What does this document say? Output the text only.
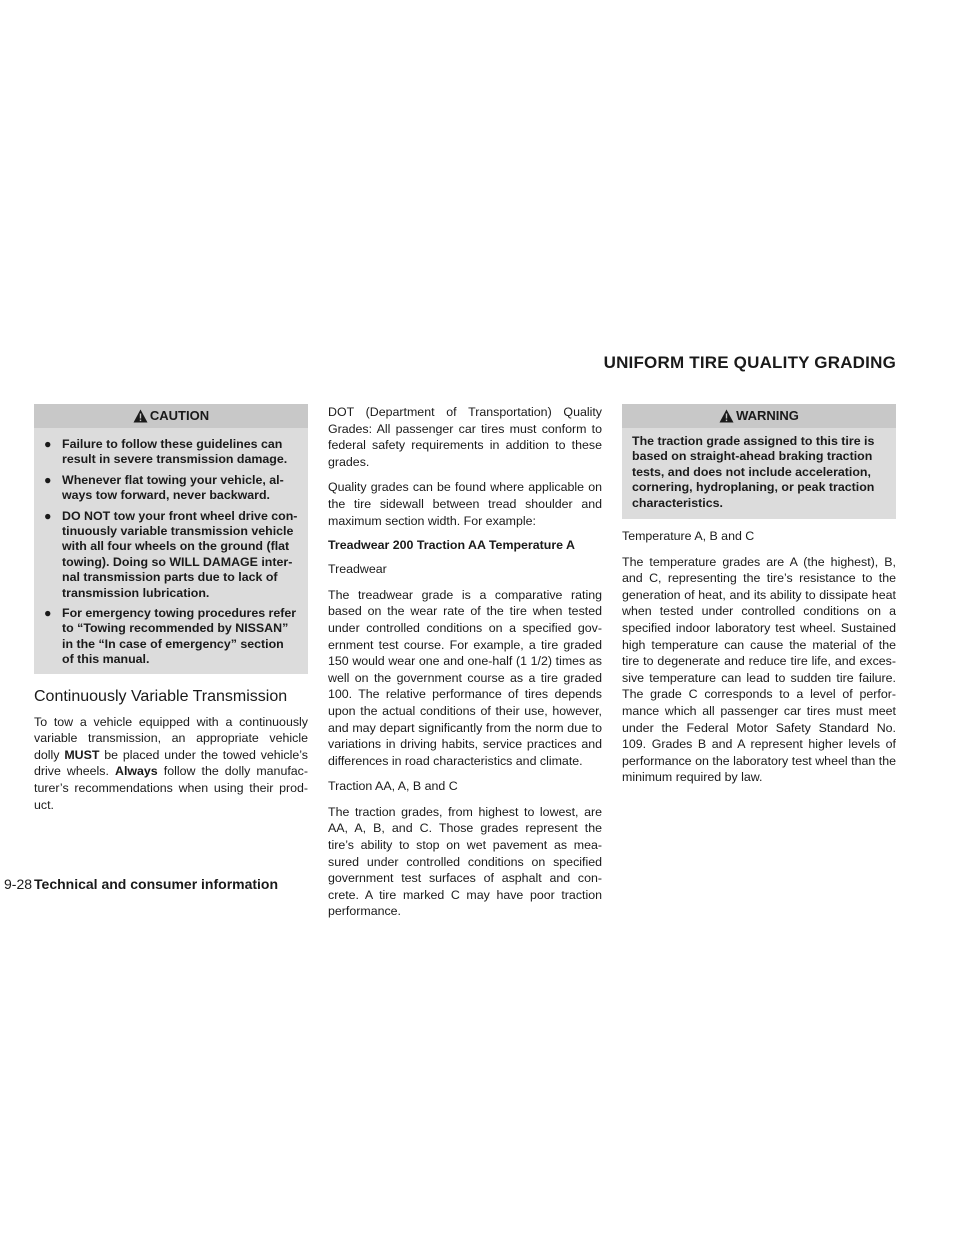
UNIFORM TIRE QUALITY GRADING
CAUTION
● Failure to follow these guidelines can result in severe transmission damage.
● Whenever flat towing your vehicle, al- ways tow forward, never backward.
● DO NOT tow your front wheel drive con- tinuously variable transmission vehicle with all four wheels on the ground (flat towing). Doing so WILL DAMAGE inter- nal transmission parts due to lack of transmission lubrication.
● For emergency towing procedures refer to “Towing recommended by NISSAN” in the “In case of emergency” section of this manual.
Continuously Variable Transmission

To tow a vehicle equipped with a continuously variable transmission, an appropriate vehicle dolly MUST be placed under the towed vehicle’s drive wheels. Always follow the dolly manufac- turer’s recommendations when using their prod- uct.

DOT (Department of Transportation) Quality Grades: All passenger car tires must conform to federal safety requirements in addition to these grades.

Quality grades can be found where applicable on the tire sidewall between tread shoulder and maximum section width. For example:

Treadwear 200 Traction AA Temperature A

Treadwear

The treadwear grade is a comparative rating based on the wear rate of the tire when tested under controlled conditions on a specified gov- ernment test course. For example, a tire graded 150 would wear one and one-half (1 1/2) times as well on the government course as a tire graded 100. The relative performance of tires depends upon the actual conditions of their use, however, and may depart significantly from the norm due to variations in driving habits, service practices and differences in road characteristics and climate.

Traction AA, A, B and C

The traction grades, from highest to lowest, are AA, A, B, and C. Those grades represent the tire’s ability to stop on wet pavement as mea- sured under controlled conditions on specified government test surfaces of asphalt and con- crete. A tire marked C may have poor traction performance.

WARNING

The traction grade assigned to this tire is based on straight-ahead braking traction tests, and does not include acceleration, cornering, hydroplaning, or peak traction characteristics.

Temperature A, B and C

The temperature grades are A (the highest), B, and C, representing the tire’s resistance to the generation of heat, and its ability to dissipate heat when tested under controlled conditions on a specified indoor laboratory test wheel. Sustained high temperature can cause the material of the tire to degenerate and reduce tire life, and exces- sive temperature can lead to sudden tire failure. The grade C corresponds to a level of perfor- mance which all passenger car tires must meet under the Federal Motor Safety Standard No. 109. Grades B and A represent higher levels of performance on the laboratory test wheel than the minimum required by law.

9-28 Technical and consumer information
